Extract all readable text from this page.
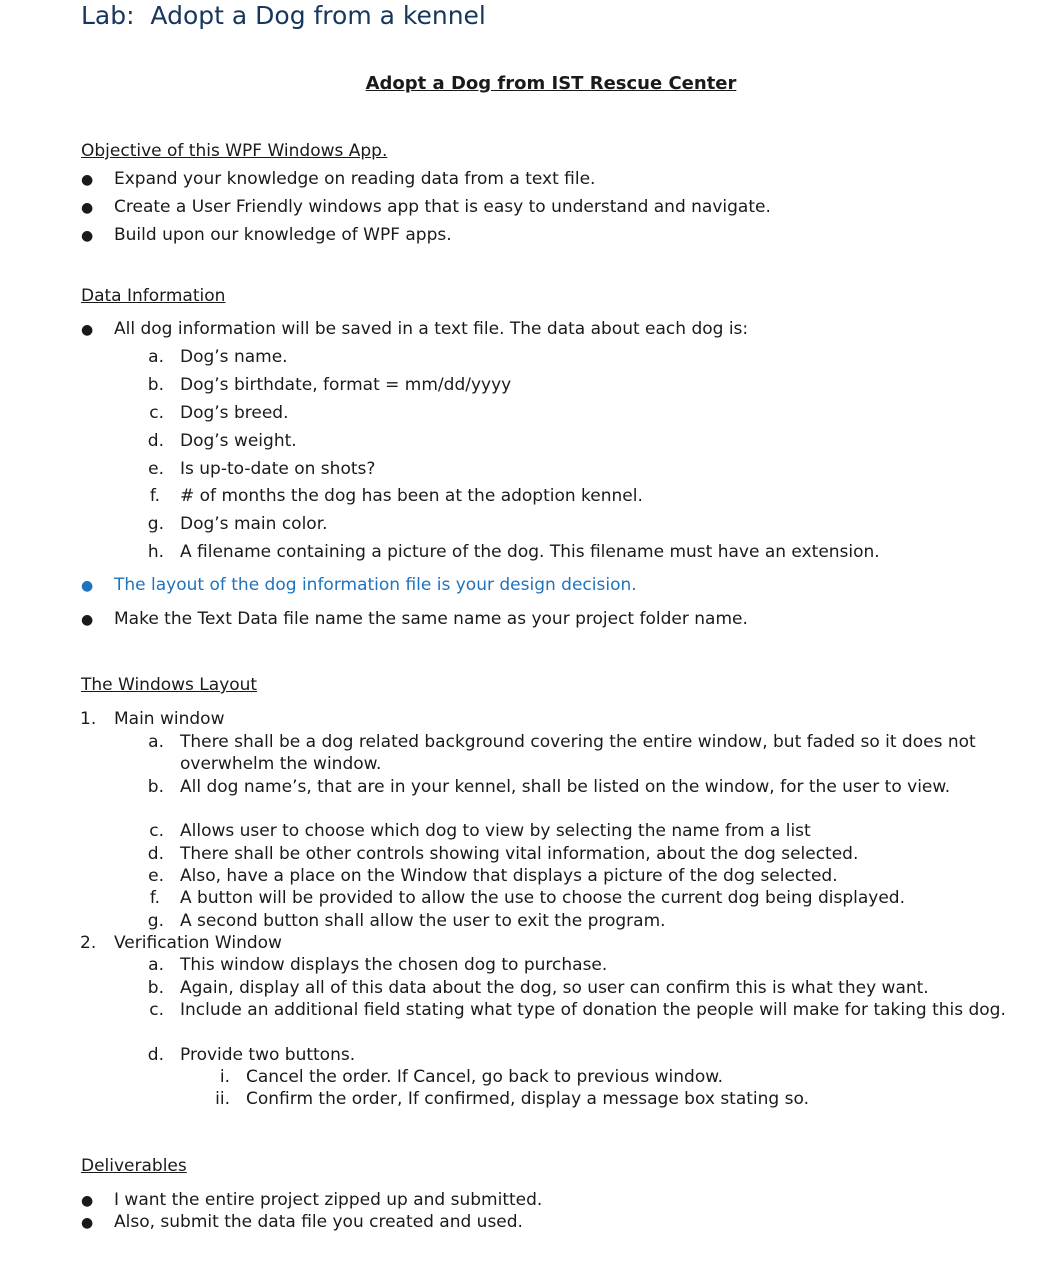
Lab:  Adopt a Dog from a kennel
Adopt a Dog from IST Rescue Center
Objective of this WPF Windows App.
● Expand your knowledge on reading data from a text file.
● Create a User Friendly windows app that is easy to understand and navigate.
● Build upon our knowledge of WPF apps.
Data Information
● All dog information will be saved in a text file. The data about each dog is:
a. Dog’s name.
b. Dog’s birthdate, format = mm/dd/yyyy
c. Dog’s breed.
d. Dog’s weight.
e. Is up-to-date on shots?
f. # of months the dog has been at the adoption kennel.
g. Dog’s main color.
h. A filename containing a picture of the dog. This filename must have an extension.
● The layout of the dog information file is your design decision.
● Make the Text Data file name the same name as your project folder name.
The Windows Layout
1. Main window
a. There shall be a dog related background covering the entire window, but faded so it does not overwhelm the window.
b. All dog name’s, that are in your kennel, shall be listed on the window, for the user to view.
c. Allows user to choose which dog to view by selecting the name from a list
d. There shall be other controls showing vital information, about the dog selected.
e. Also, have a place on the Window that displays a picture of the dog selected.
f. A button will be provided to allow the use to choose the current dog being displayed.
g. A second button shall allow the user to exit the program.
2. Verification Window
a. This window displays the chosen dog to purchase.
b. Again, display all of this data about the dog, so user can confirm this is what they want.
c. Include an additional field stating what type of donation the people will make for taking this dog.
d. Provide two buttons.
i. Cancel the order. If Cancel, go back to previous window.
ii. Confirm the order, If confirmed, display a message box stating so.
Deliverables
● I want the entire project zipped up and submitted.
● Also, submit the data file you created and used.
